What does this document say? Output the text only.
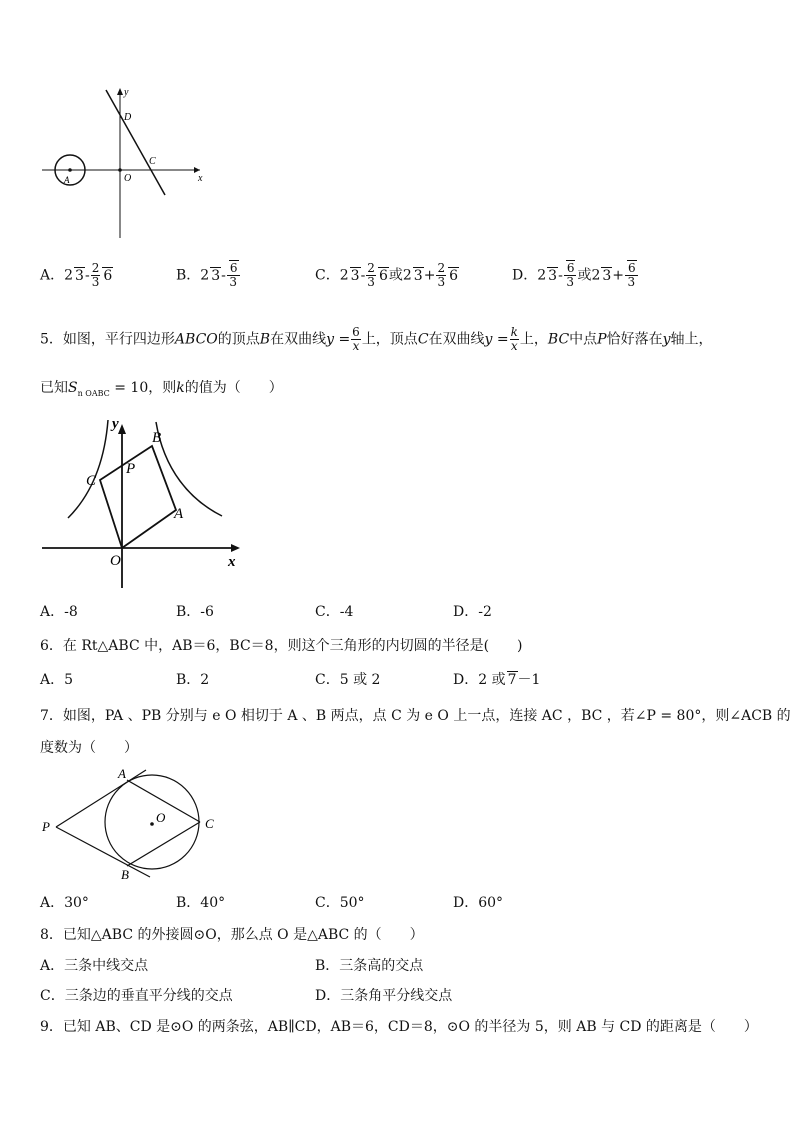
y
x
D
C
O
A
A．2 $3- \frac{2}{3} 6$	B．2 $3- \frac{6}{3}$	C．2 $3- \frac{2}{3} 6$或2 $3+ \frac{2}{3} 6$	D．2 $3- \frac{6}{3}$ 或2 $3+ \frac{6}{3}$
5．如图，平行四边形ABCO的顶点B在双曲线$y = \frac{6}{x}$ 上，顶点C在双曲线$y = \frac{k}{x}$ 上，BC中点P恰好落在y轴上，
已知$S_{n OABC} = 10$，则k的值为（　　）
y
B
C
P
A
O	x
A．-8	B．-6	C．-4	D．-2
6．在 Rt△ABC 中，AB＝6，BC＝8，则这个三角形的内切圆的半径是(　　)
A．5	B．2	C．5 或 2	D．2 或 7－1
7．如图，PA 、PB 分别与 e O 相切于 A 、B 两点，点 C 为 e O 上一点，连接 AC ，BC ，若∠P = 80°，则∠ACB 的
度数为（　　）
A
O	C
P
B
A．30°	B．40°	C．50°	D．60°
8．已知△ABC 的外接圆⊙O，那么点 O 是△ABC 的（　　）
A．三条中线交点	B．三条高的交点
C．三条边的垂直平分线的交点	D．三条角平分线交点
9．已知 AB、CD 是⊙O 的两条弦，AB∥CD，AB＝6，CD＝8，⊙O 的半径为 5，则 AB 与 CD 的距离是（　　）
